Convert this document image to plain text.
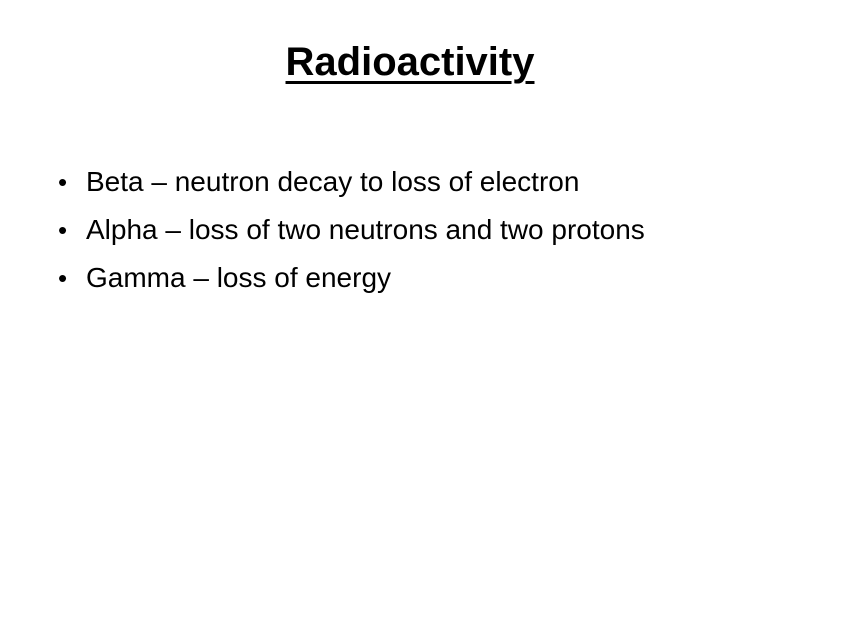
Radioactivity
• Beta – neutron decay to loss of electron
• Alpha – loss of two neutrons and two protons
• Gamma – loss of energy
